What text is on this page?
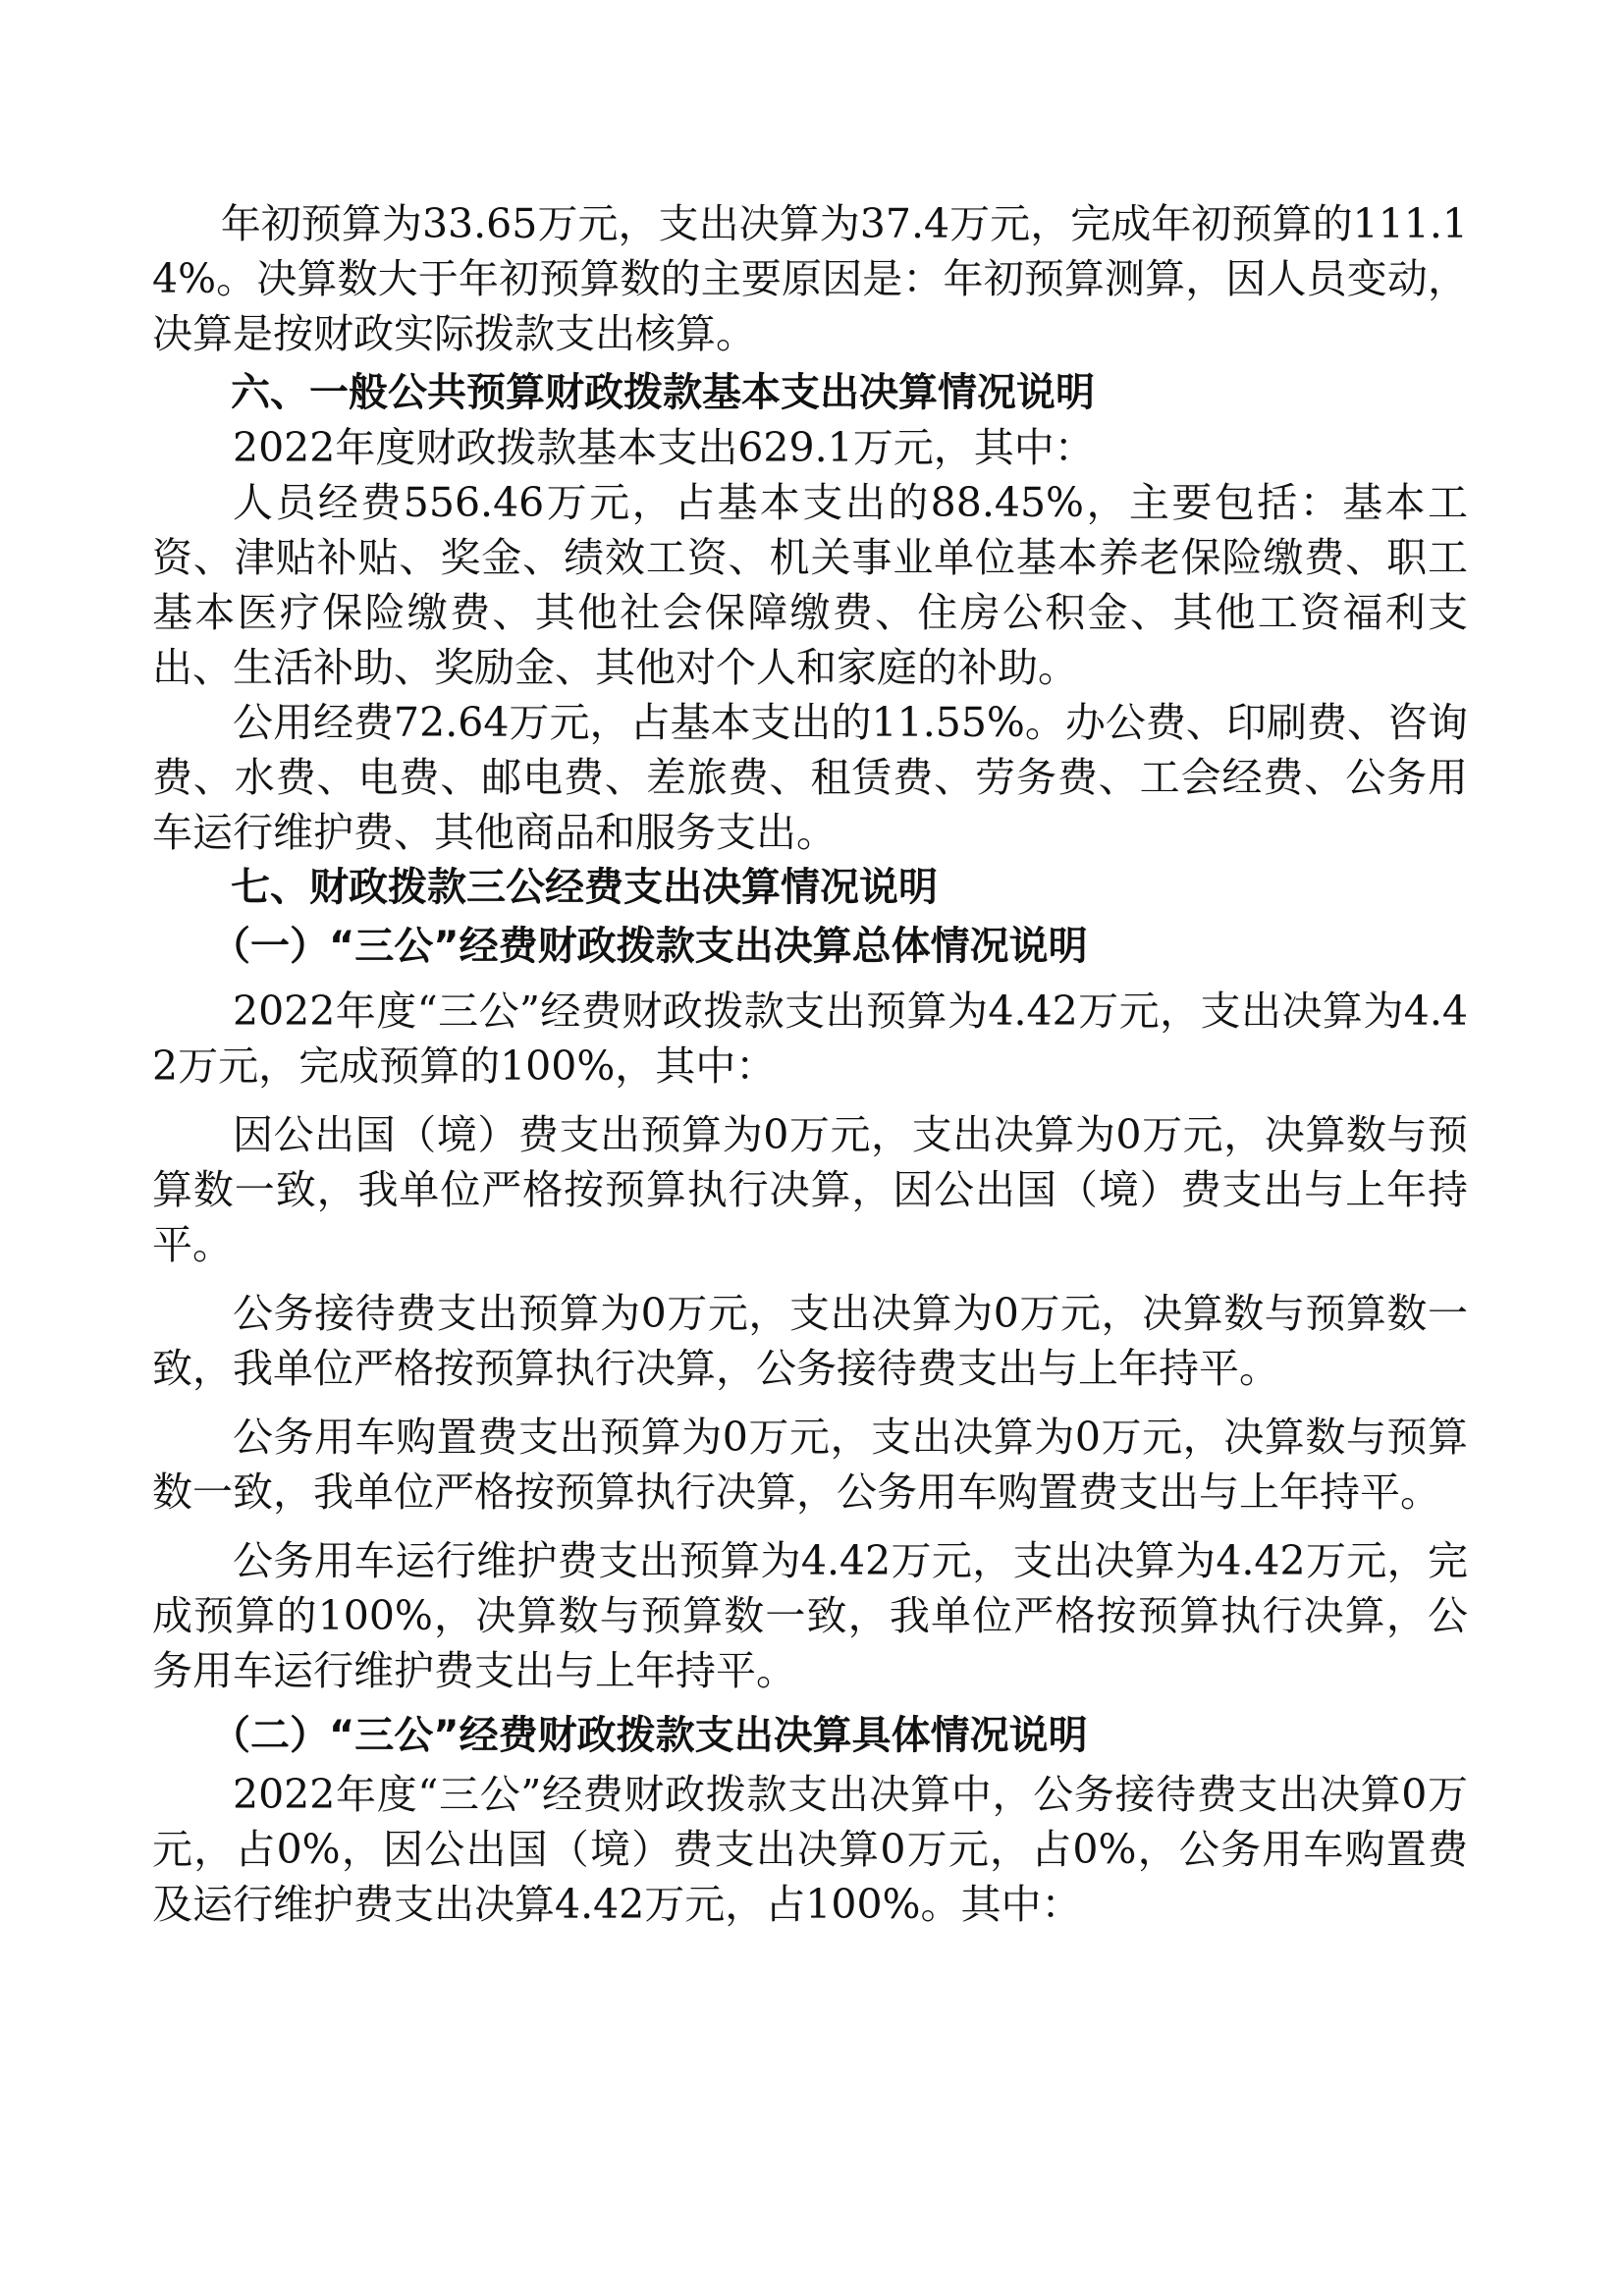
年初预算为33.65万元，支出决算为37.4万元，完成年初预算的111.14%。决算数大于年初预算数的主要原因是：年初预算测算，因人员变动，决算是按财政实际拨款支出核算。

六、一般公共预算财政拨款基本支出决算情况说明

2022年度财政拨款基本支出629.1万元，其中：

人员经费556.46万元，占基本支出的88.45%，主要包括：基本工资、津贴补贴、奖金、绩效工资、机关事业单位基本养老保险缴费、职工基本医疗保险缴费、其他社会保障缴费、住房公积金、其他工资福利支出、生活补助、奖励金、其他对个人和家庭的补助。

公用经费72.64万元，占基本支出的11.55%。办公费、印刷费、咨询费、水费、电费、邮电费、差旅费、租赁费、劳务费、工会经费、公务用车运行维护费、其他商品和服务支出。

七、财政拨款三公经费支出决算情况说明

（一）“三公”经费财政拨款支出决算总体情况说明

2022年度“三公”经费财政拨款支出预算为4.42万元，支出决算为4.42万元，完成预算的100%，其中：

因公出国（境）费支出预算为0万元，支出决算为0万元，决算数与预算数一致，我单位严格按预算执行决算，因公出国（境）费支出与上年持平。

公务接待费支出预算为0万元，支出决算为0万元，决算数与预算数一致，我单位严格按预算执行决算，公务接待费支出与上年持平。

公务用车购置费支出预算为0万元，支出决算为0万元，决算数与预算数一致，我单位严格按预算执行决算，公务用车购置费支出与上年持平。

公务用车运行维护费支出预算为4.42万元，支出决算为4.42万元，完成预算的100%，决算数与预算数一致，我单位严格按预算执行决算，公务用车运行维护费支出与上年持平。

（二）“三公”经费财政拨款支出决算具体情况说明

2022年度“三公”经费财政拨款支出决算中，公务接待费支出决算0万元，占0%，因公出国（境）费支出决算0万元，占0%，公务用车购置费及运行维护费支出决算4.42万元，占100%。其中：
